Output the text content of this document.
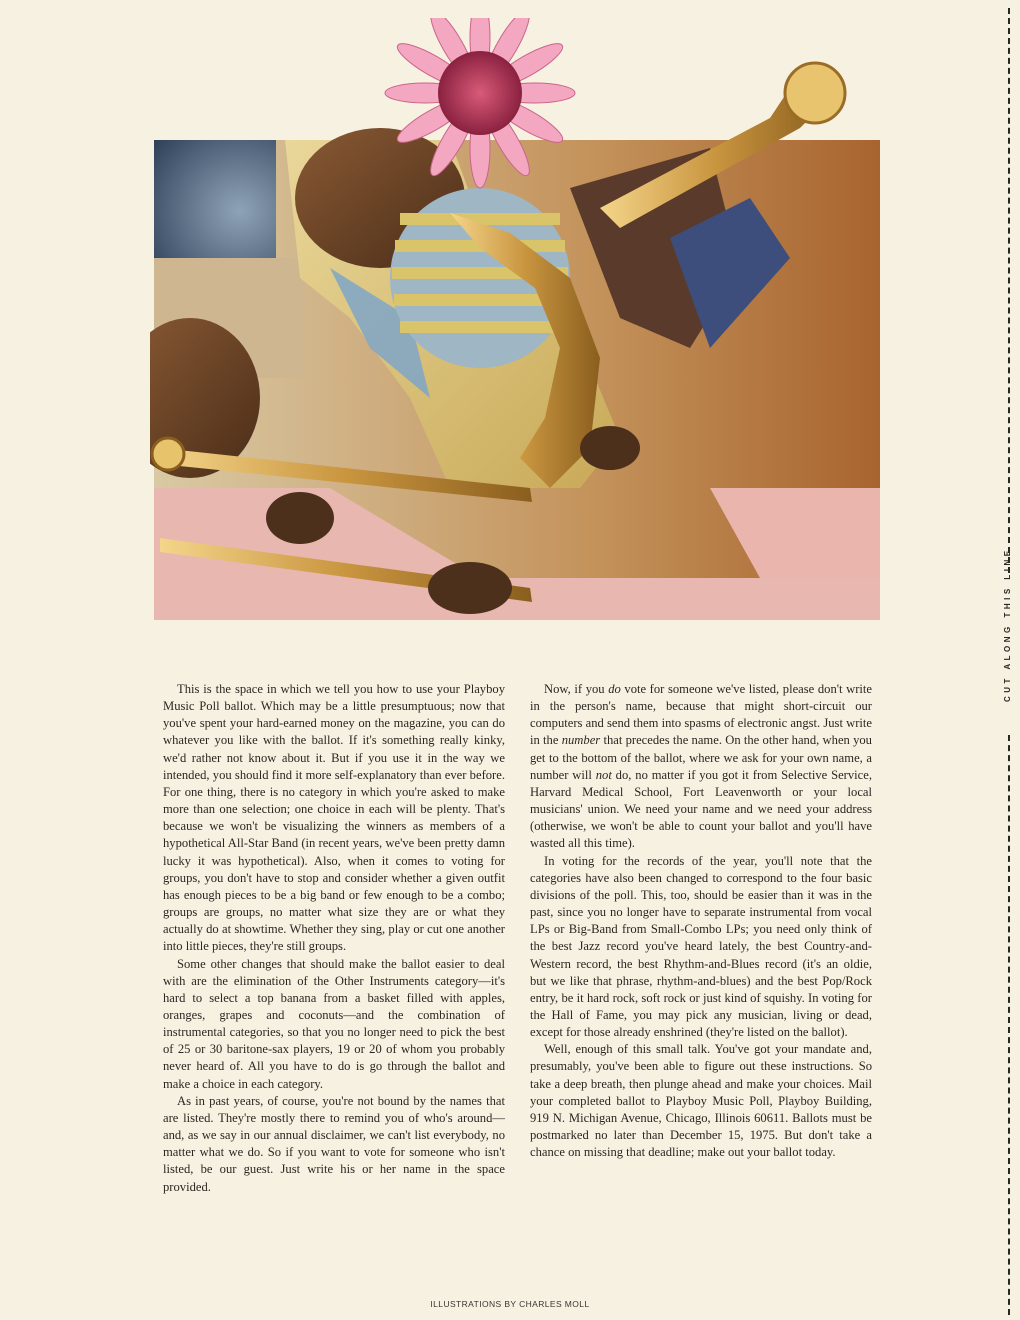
This is the space in which we tell you how to use your Playboy Music Poll ballot. Which may be a little presumptuous; now that you've spent your hard-earned money on the magazine, you can do whatever you like with the ballot. If it's something really kinky, we'd rather not know about it. But if you use it in the way we intended, you should find it more self-explanatory than ever before. For one thing, there is no category in which you're asked to make more than one selection; one choice in each will be plenty. That's because we won't be visualizing the winners as members of a hypothetical All-Star Band (in recent years, we've been pretty damn lucky it was hypothetical). Also, when it comes to voting for groups, you don't have to stop and consider whether a given outfit has enough pieces to be a big band or few enough to be a combo; groups are groups, no matter what size they are or what they actually do at showtime. Whether they sing, play or cut one another into little pieces, they're still groups.

Some other changes that should make the ballot easier to deal with are the elimination of the Other Instruments category—it's hard to select a top banana from a basket filled with apples, oranges, grapes and coconuts—and the combination of instrumental categories, so that you no longer need to pick the best of 25 or 30 baritone-sax players, 19 or 20 of whom you probably never heard of. All you have to do is go through the ballot and make a choice in each category.

As in past years, of course, you're not bound by the names that are listed. They're mostly there to remind you of who's around—and, as we say in our annual disclaimer, we can't list everybody, no matter what we do. So if you want to vote for someone who isn't listed, be our guest. Just write his or her name in the space provided.

Now, if you do vote for someone we've listed, please don't write in the person's name, because that might short-circuit our computers and send them into spasms of electronic angst. Just write in the number that precedes the name. On the other hand, when you get to the bottom of the ballot, where we ask for your own name, a number will not do, no matter if you got it from Selective Service, Harvard Medical School, Fort Leavenworth or your local musicians' union. We need your name and we need your address (otherwise, we won't be able to count your ballot and you'll have wasted all this time).

In voting for the records of the year, you'll note that the categories have also been changed to correspond to the four basic divisions of the poll. This, too, should be easier than it was in the past, since you no longer have to separate instrumental from vocal LPs or Big-Band from Small-Combo LPs; you need only think of the best Jazz record you've heard lately, the best Country-and-Western record, the best Rhythm-and-Blues record (it's an oldie, but we like that phrase, rhythm-and-blues) and the best Pop/Rock entry, be it hard rock, soft rock or just kind of squishy. In voting for the Hall of Fame, you may pick any musician, living or dead, except for those already enshrined (they're listed on the ballot).

Well, enough of this small talk. You've got your mandate and, presumably, you've been able to figure out these instructions. So take a deep breath, then plunge ahead and make your choices. Mail your completed ballot to Playboy Music Poll, Playboy Building, 919 N. Michigan Avenue, Chicago, Illinois 60611. Ballots must be postmarked no later than December 15, 1975. But don't take a chance on missing that deadline; make out your ballot today.

ILLUSTRATIONS BY CHARLES MOLL
CUT ALONG THIS LINE
